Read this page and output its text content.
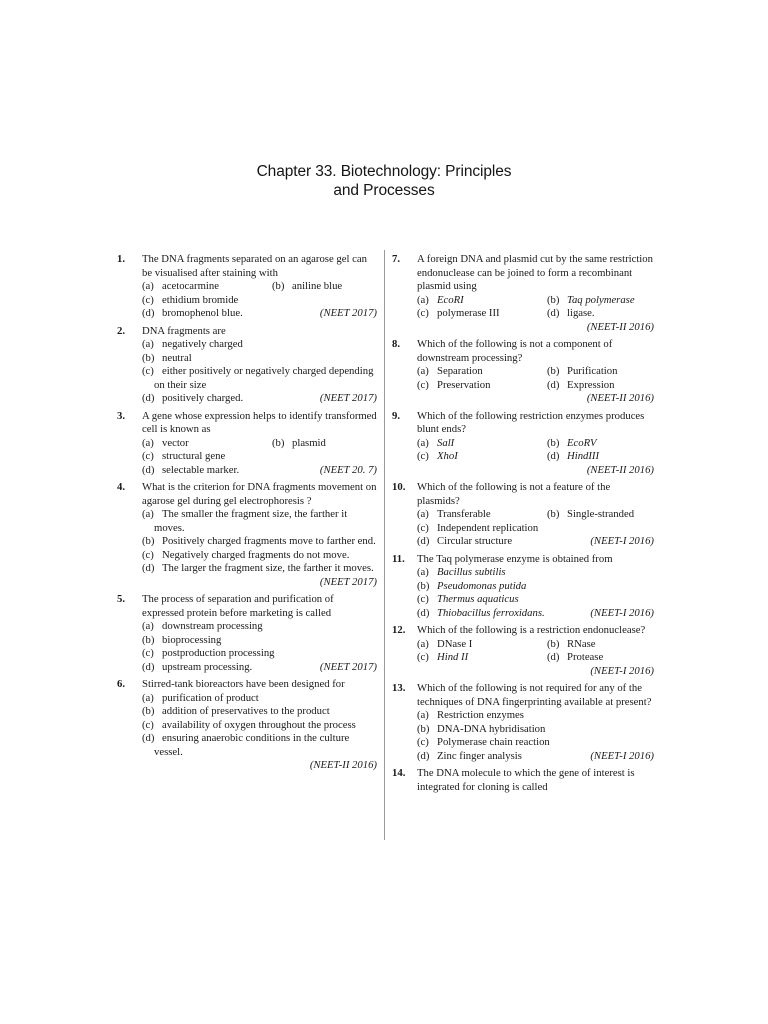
Chapter 33. Biotechnology: Principles
and Processes
1. The DNA fragments separated on an agarose gel can be visualised after staining with
(a) acetocarmine	(b) aniline blue
(c) ethidium bromide
(d) bromophenol blue.	(NEET 2017)
2. DNA fragments are
(a) negatively charged
(b) neutral
(c) either positively or negatively charged depending on their size
(d) positively charged.	(NEET 2017)
3. A gene whose expression helps to identify transformed cell is known as
(a) vector	(b) plasmid
(c) structural gene
(d) selectable marker.	(NEET 20. 7)
4. What is the criterion for DNA fragments movement on agarose gel during gel electrophoresis ?
(a) The smaller the fragment size, the farther it moves.
(b) Positively charged fragments move to farther end.
(c) Negatively charged fragments do not move.
(d) The larger the fragment size, the farther it moves.
(NEET 2017)
5. The process of separation and purification of expressed protein before marketing is called
(a) downstream processing
(b) bioprocessing
(c) postproduction processing
(d) upstream processing.	(NEET 2017)
6. Stirred-tank bioreactors have been designed for
(a) purification of product
(b) addition of preservatives to the product
(c) availability of oxygen throughout the process
(d) ensuring anaerobic conditions in the culture vessel.
(NEET-II 2016)
7. A foreign DNA and plasmid cut by the same restriction endonuclease can be joined to form a recombinant plasmid using
(a) EcoRI	(b) Taq polymerase
(c) polymerase III	(d) ligase.
(NEET-II 2016)
8. Which of the following is not a component of downstream processing?
(a) Separation	(b) Purification
(c) Preservation	(d) Expression
(NEET-II 2016)
9. Which of the following restriction enzymes produces blunt ends?
(a) SalI	(b) EcoRV
(c) XhoI	(d) HindIII
(NEET-II 2016)
10. Which of the following is not a feature of the plasmids?
(a) Transferable	(b) Single-stranded
(c) Independent replication
(d) Circular structure	(NEET-I 2016)
11. The Taq polymerase enzyme is obtained from
(a) Bacillus subtilis
(b) Pseudomonas putida
(c) Thermus aquaticus
(d) Thiobacillus ferroxidans.	(NEET-I 2016)
12. Which of the following is a restriction endonuclease?
(a) DNase I	(b) RNase
(c) Hind II	(d) Protease
(NEET-I 2016)
13. Which of the following is not required for any of the techniques of DNA fingerprinting available at present?
(a) Restriction enzymes
(b) DNA-DNA hybridisation
(c) Polymerase chain reaction
(d) Zinc finger analysis	(NEET-I 2016)
14. The DNA molecule to which the gene of interest is integrated for cloning is called
